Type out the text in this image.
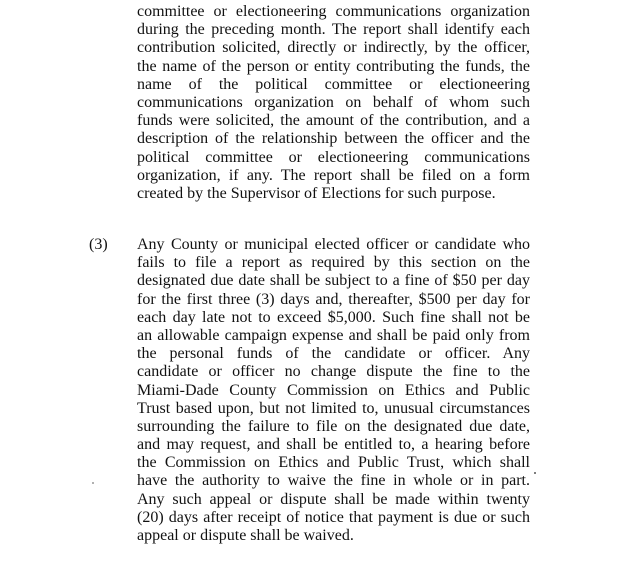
committee or electioneering communications organization
during the preceding month. The report shall identify each
contribution solicited, directly or indirectly, by the officer,
the name of the person or entity contributing the funds, the
name of the political committee or electioneering
communications organization on behalf of whom such
funds were solicited, the amount of the contribution, and a
description of the relationship between the officer and the
political committee or electioneering communications
organization, if any. The report shall be filed on a form
created by the Supervisor of Elections for such purpose.
(3) Any County or municipal elected officer or candidate who
fails to file a report as required by this section on the
designated due date shall be subject to a fine of $50 per day
for the first three (3) days and, thereafter, $500 per day for
each day late not to exceed $5,000. Such fine shall not be
an allowable campaign expense and shall be paid only from
the personal funds of the candidate or officer. Any
candidate or officer no change dispute the fine to the
Miami-Dade County Commission on Ethics and Public
Trust based upon, but not limited to, unusual circumstances
surrounding the failure to file on the designated due date,
and may request, and shall be entitled to, a hearing before
the Commission on Ethics and Public Trust, which shall
have the authority to waive the fine in whole or in part.
Any such appeal or dispute shall be made within twenty
(20) days after receipt of notice that payment is due or such
appeal or dispute shall be waived.
